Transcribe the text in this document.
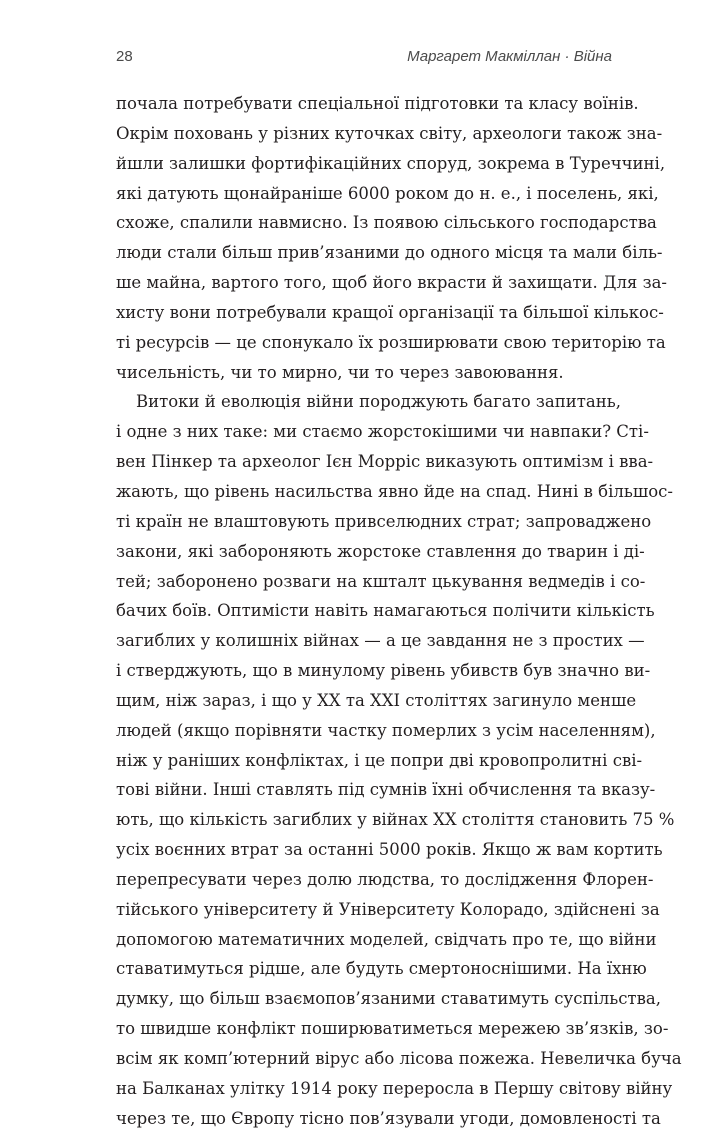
28	Маргарет Макміллан · Війна
почала потребувати спеціальної підготовки та класу воїнів.
Окрім поховань у різних куточках світу, археологи також зна-
йшли залишки фортифікаційних споруд, зокрема в Туреччині,
які датують щонайраніше 6000 роком до н. е., і поселень, які,
схоже, спалили навмисно. Із появою сільського господарства
люди стали більш прив’язаними до одного місця та мали біль-
ше майна, вартого того, щоб його вкрасти й захищати. Для за-
хисту вони потребували кращої організації та більшої кількос-
ті ресурсів — це спонукало їх розширювати свою територію та
чисельність, чи то мирно, чи то через завоювання.
Витоки й еволюція війни породжують багато запитань,
і одне з них таке: ми стаємо жорстокішими чи навпаки? Сті-
вен Пінкер та археолог Ієн Морріс виказують оптимізм і вва-
жають, що рівень насильства явно йде на спад. Нині в більшос-
ті країн не влаштовують привселюдних страт; запроваджено
закони, які забороняють жорстоке ставлення до тварин і ді-
тей; заборонено розваги на кшталт цькування ведмедів і со-
бачих боїв. Оптимісти навіть намагаються полічити кількість
загиблих у колишніх війнах — а це завдання не з простих —
і стверджують, що в минулому рівень убивств був значно ви-
щим, ніж зараз, і що у XX та XXI століттях загинуло менше
людей (якщо порівняти частку померлих з усім населенням),
ніж у раніших конфліктах, і це попри дві кровопролитні сві-
тові війни. Інші ставлять під сумнів їхні обчислення та вказу-
ють, що кількість загиблих у війнах XX століття становить 75 %
усіх воєнних втрат за останні 5000 років. Якщо ж вам кортить
перепресувати через долю людства, то дослідження Флорен-
тійського університету й Університету Колорадо, здійснені за
допомогою математичних моделей, свідчать про те, що війни
ставатимуться рідше, але будуть смертоноснішими. На їхню
думку, що більш взаємопов’язаними ставатимуть суспільства,
то швидше конфлікт поширюватиметься мережею зв’язків, зо-
всім як комп’ютерний вірус або лісова пожежа. Невеличка буча
на Балканах улітку 1914 року переросла в Першу світову війну
через те, що Європу тісно пов’язували угоди, домовленості та
